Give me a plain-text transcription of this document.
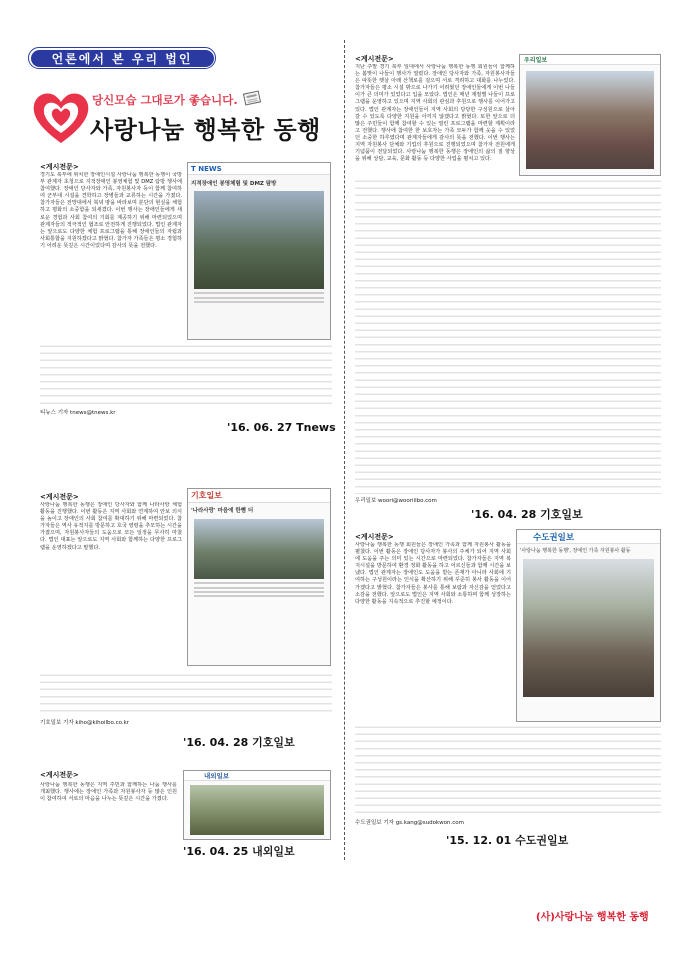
언론에서 본 우리 법인
당신모습 그대로가 좋습니다.
사랑나눔 행복한 동행
<게시전문>
경기도 북부에 위치한 장애인시설 사랑나눔 행복한 동행이 국방부 관계자 초청으로 지적장애인 봉영체험 및 DMZ 탐방 행사에 참여했다. 장애인 당사자와 가족, 자원봉사자 등이 함께 참여하여 군부대 시설을 견학하고 장병들과 교류하는 시간을 가졌다. 참가자들은 전망대에서 북녘 땅을 바라보며 분단의 현실을 체험하고 평화의 소중함을 되새겼다. 이번 행사는 장애인들에게 새로운 경험과 사회 참여의 기회를 제공하기 위해 마련되었으며 관계자들의 적극적인 협조로 안전하게 진행되었다. 법인 관계자는 앞으로도 다양한 체험 프로그램을 통해 장애인들의 자립과 사회통합을 지원하겠다고 밝혔다. 참가자 가족들은 평소 경험하기 어려운 뜻깊은 시간이었다며 감사의 뜻을 전했다.
T NEWS
지적장애인 봉영체험 및 DMZ 탐방
티뉴스 기자 tnews@tnews.kr
'16. 06. 27 Tnews
<게시전문>
사랑나눔 행복한 동행은 장애인 당사자와 함께 나라사랑 체험 활동을 진행했다. 이번 활동은 지역 사회와 연계하여 안보 의식을 높이고 장애인의 사회 참여를 확대하기 위해 마련되었다. 참가자들은 역사 유적지를 방문하고 호국 영령을 추모하는 시간을 가졌으며, 자원봉사자들의 도움으로 모든 일정을 무사히 마쳤다. 법인 대표는 앞으로도 지역 사회와 함께하는 다양한 프로그램을 운영하겠다고 말했다.
기호일보
'나라사랑' 마음에 한뼘 더
기호일보 기자 kiho@kihoilbo.co.kr
'16. 04. 28 기호일보
<게시전문>
사랑나눔 행복한 동행은 지역 주민과 함께하는 나눔 행사를 개최했다. 행사에는 장애인 가족과 자원봉사자 등 많은 인원이 참여하여 서로의 마음을 나누는 뜻깊은 시간을 가졌다.
내외일보
'16. 04. 25 내외일보
<게시전문>
지난 주말 경기 북부 일대에서 사랑나눔 행복한 동행 회원들이 함께하는 봄맞이 나들이 행사가 열렸다. 장애인 당사자와 가족, 자원봉사자들은 따뜻한 햇살 아래 산책로를 걸으며 서로 격려하고 대화를 나누었다. 참가자들은 평소 시설 밖으로 나가기 어려웠던 장애인들에게 이번 나들이가 큰 의미가 있었다고 입을 모았다. 법인은 매년 계절별 나들이 프로그램을 운영하고 있으며 지역 사회의 관심과 후원으로 행사를 이어가고 있다. 법인 관계자는 장애인들이 지역 사회의 당당한 구성원으로 살아갈 수 있도록 다양한 지원을 아끼지 않겠다고 밝혔다. 또한 앞으로 더 많은 주민들이 함께 참여할 수 있는 열린 프로그램을 마련할 계획이라고 전했다. 행사에 참여한 한 보호자는 가족 모두가 함께 웃을 수 있었던 소중한 하루였다며 관계자들에게 감사의 뜻을 전했다. 이번 행사는 지역 자원봉사 단체와 기업의 후원으로 진행되었으며 참가자 전원에게 기념품이 전달되었다. 사랑나눔 행복한 동행은 장애인의 삶의 질 향상을 위해 상담, 교육, 문화 활동 등 다양한 사업을 펼치고 있다.
우리일보
우리일보 woori@wooriilbo.com
'16. 04. 28 기호일보
<게시전문>
사랑나눔 행복한 동행 회원들은 장애인 가족과 함께 자원봉사 활동을 펼쳤다. 이번 활동은 장애인 당사자가 봉사의 주체가 되어 지역 사회에 도움을 주는 의미 있는 시간으로 마련되었다. 참가자들은 지역 복지시설을 방문하여 환경 정화 활동을 하고 어르신들과 함께 시간을 보냈다. 법인 관계자는 장애인도 도움을 받는 존재가 아니라 사회에 기여하는 구성원이라는 인식을 확산하기 위해 꾸준히 봉사 활동을 이어가겠다고 밝혔다. 참가자들은 봉사를 통해 보람과 자신감을 얻었다고 소감을 전했다. 앞으로도 법인은 지역 사회와 소통하며 함께 성장하는 다양한 활동을 지속적으로 추진할 예정이다.
수도권일보
'사랑나눔 행복한 동행', 장애인 가족 자원봉사 활동
수도권일보 기자 gs.kang@sudokwon.com
'15. 12. 01 수도권일보
(사)사랑나눔 행복한 동행
